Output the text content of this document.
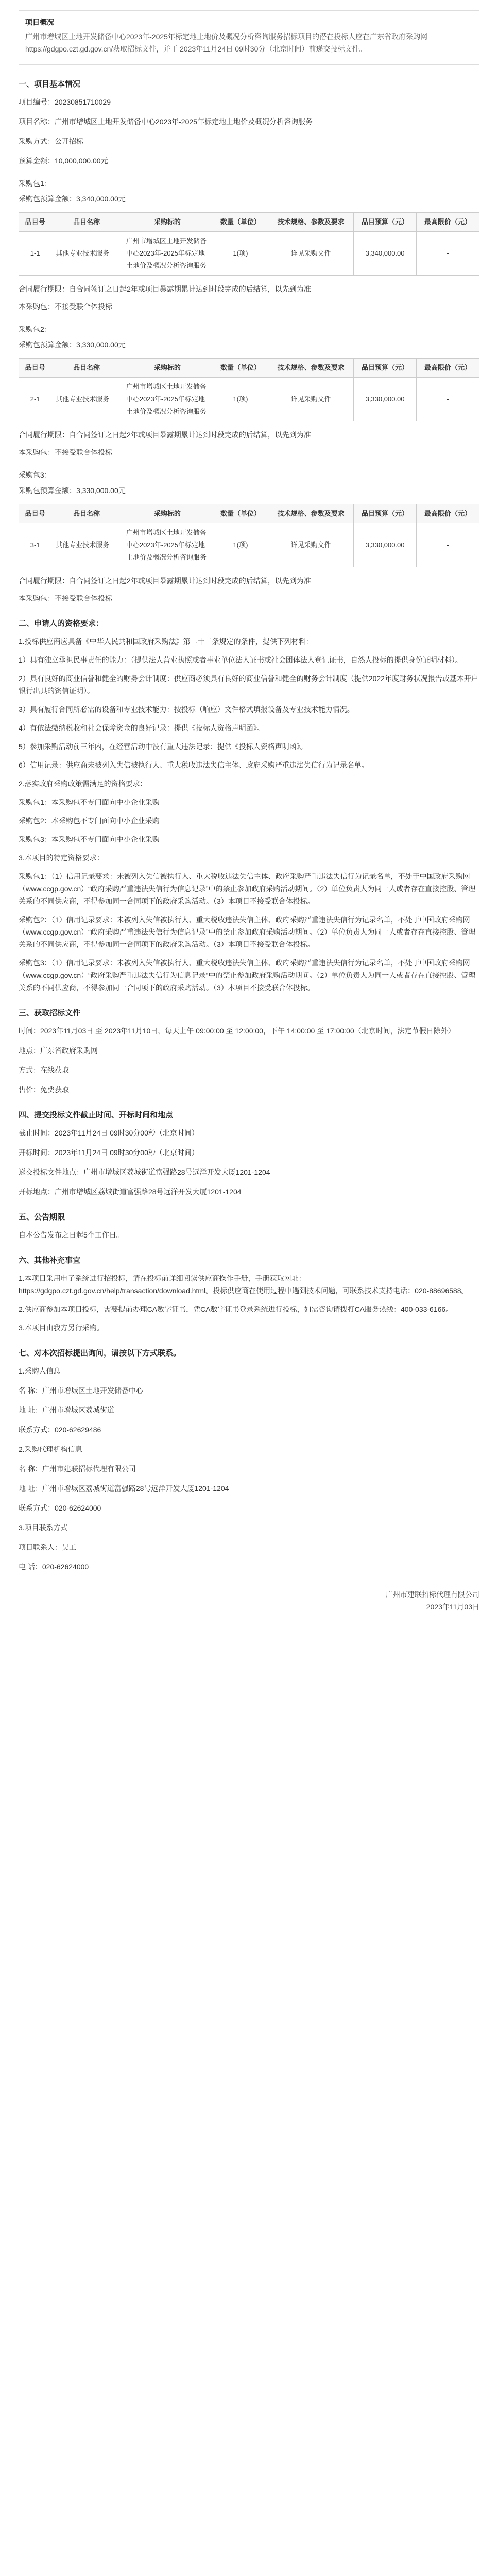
项目概况

广州市增城区土地开发储备中心2023年-2025年标定地土地价及概况分析咨询服务招标项目的潜在投标人应在广东省政府采购网https://gdgpo.czt.gd.gov.cn/获取招标文件，并于 2023年11月24日 09时30分（北京时间）前递交投标文件。

一、项目基本情况

项目编号：20230851710029

项目名称：广州市增城区土地开发储备中心2023年-2025年标定地土地价及概况分析咨询服务

采购方式：公开招标

预算金额：10,000,000.00元

采购包1：

采购包预算金额：3,340,000.00元

品目号	品目名称	采购标的	数量（单位）	技术规格、参数及要求	品目预算（元）	最高限价（元）
1-1	其他专业技术服务	广州市增城区土地开发储备中心2023年-2025年标定地土地价及概况分析咨询服务	1(项)	详见采购文件	3,340,000.00	-

合同履行期限：自合同签订之日起2年或项目暴露期累计达到时段完成的后结算，以先到为准

本采购包：不接受联合体投标

采购包2：

采购包预算金额：3,330,000.00元

品目号	品目名称	采购标的	数量（单位）	技术规格、参数及要求	品目预算（元）	最高限价（元）
2-1	其他专业技术服务	广州市增城区土地开发储备中心2023年-2025年标定地土地价及概况分析咨询服务	1(项)	详见采购文件	3,330,000.00	-

合同履行期限：自合同签订之日起2年或项目暴露期累计达到时段完成的后结算，以先到为准

本采购包：不接受联合体投标

采购包3：

采购包预算金额：3,330,000.00元

品目号	品目名称	采购标的	数量（单位）	技术规格、参数及要求	品目预算（元）	最高限价（元）
3-1	其他专业技术服务	广州市增城区土地开发储备中心2023年-2025年标定地土地价及概况分析咨询服务	1(项)	详见采购文件	3,330,000.00	-

合同履行期限：自合同签订之日起2年或项目暴露期累计达到时段完成的后结算，以先到为准

本采购包：不接受联合体投标

二、申请人的资格要求：

1.投标供应商应具备《中华人民共和国政府采购法》第二十二条规定的条件，提供下列材料：

1）具有独立承担民事责任的能力：（提供法人营业执照或者事业单位法人证书或社会团体法人登记证书，自然人投标的提供身份证明材料）。

2）具有良好的商业信誉和健全的财务会计制度：供应商必须具有良好的商业信誉和健全的财务会计制度（提供2022年度财务状况报告或基本开户银行出具的资信证明）。

3）具有履行合同所必需的设备和专业技术能力：按投标（响应）文件格式填报设备及专业技术能力情况。

4）有依法缴纳税收和社会保障资金的良好记录：提供《投标人资格声明函》。

5）参加采购活动前三年内，在经营活动中没有重大违法记录：提供《投标人资格声明函》。

6）信用记录：供应商未被列入失信被执行人、重大税收违法失信主体、政府采购严重违法失信行为记录名单。

2.落实政府采购政策需满足的资格要求：

采购包1：本采购包不专门面向中小企业采购

采购包2：本采购包不专门面向中小企业采购

采购包3：本采购包不专门面向中小企业采购

3.本项目的特定资格要求：

采购包1：（1）信用记录要求：未被列入失信被执行人、重大税收违法失信主体、政府采购严重违法失信行为记录名单，不处于中国政府采购网（www.ccgp.gov.cn）“政府采购严重违法失信行为信息记录”中的禁止参加政府采购活动期间。（2）单位负责人为同一人或者存在直接控股、管理关系的不同供应商，不得参加同一合同项下的政府采购活动。（3）本项目不接受联合体投标。

采购包2：（1）信用记录要求：未被列入失信被执行人、重大税收违法失信主体、政府采购严重违法失信行为记录名单，不处于中国政府采购网（www.ccgp.gov.cn）“政府采购严重违法失信行为信息记录”中的禁止参加政府采购活动期间。（2）单位负责人为同一人或者存在直接控股、管理关系的不同供应商，不得参加同一合同项下的政府采购活动。（3）本项目不接受联合体投标。

采购包3：（1）信用记录要求：未被列入失信被执行人、重大税收违法失信主体、政府采购严重违法失信行为记录名单，不处于中国政府采购网（www.ccgp.gov.cn）“政府采购严重违法失信行为信息记录”中的禁止参加政府采购活动期间。（2）单位负责人为同一人或者存在直接控股、管理关系的不同供应商，不得参加同一合同项下的政府采购活动。（3）本项目不接受联合体投标。

三、获取招标文件

时间：2023年11月03日 至 2023年11月10日，每天上午 09:00:00 至 12:00:00，下午 14:00:00 至 17:00:00（北京时间，法定节假日除外）

地点：广东省政府采购网

方式：在线获取

售价：免费获取

四、提交投标文件截止时间、开标时间和地点

截止时间：2023年11月24日 09时30分00秒（北京时间）

开标时间：2023年11月24日 09时30分00秒（北京时间）

递交投标文件地点：广州市增城区荔城街道富强路28号远洋开发大厦1201-1204

开标地点：广州市增城区荔城街道富强路28号远洋开发大厦1201-1204

五、公告期限

自本公告发布之日起5个工作日。

六、其他补充事宜

1.本项目采用电子系统进行招投标，请在投标前详细阅读供应商操作手册，手册获取网址：https://gdgpo.czt.gd.gov.cn/help/transaction/download.html。投标供应商在使用过程中遇到技术问题，可联系技术支持电话：020-88696588。

2.供应商参加本项目投标，需要提前办理CA数字证书，凭CA数字证书登录系统进行投标，如需咨询请拨打CA服务热线：400-033-6166。

3.本项目由我方另行采购。

七、对本次招标提出询问，请按以下方式联系。

1.采购人信息

名 称：广州市增城区土地开发储备中心

地 址：广州市增城区荔城街道

联系方式：020-62629486

2.采购代理机构信息

名 称：广州市建联招标代理有限公司

地 址：广州市增城区荔城街道富强路28号远洋开发大厦1201-1204

联系方式：020-62624000

3.项目联系方式

项目联系人：吴工

电 话：020-62624000

广州市建联招标代理有限公司
2023年11月03日
